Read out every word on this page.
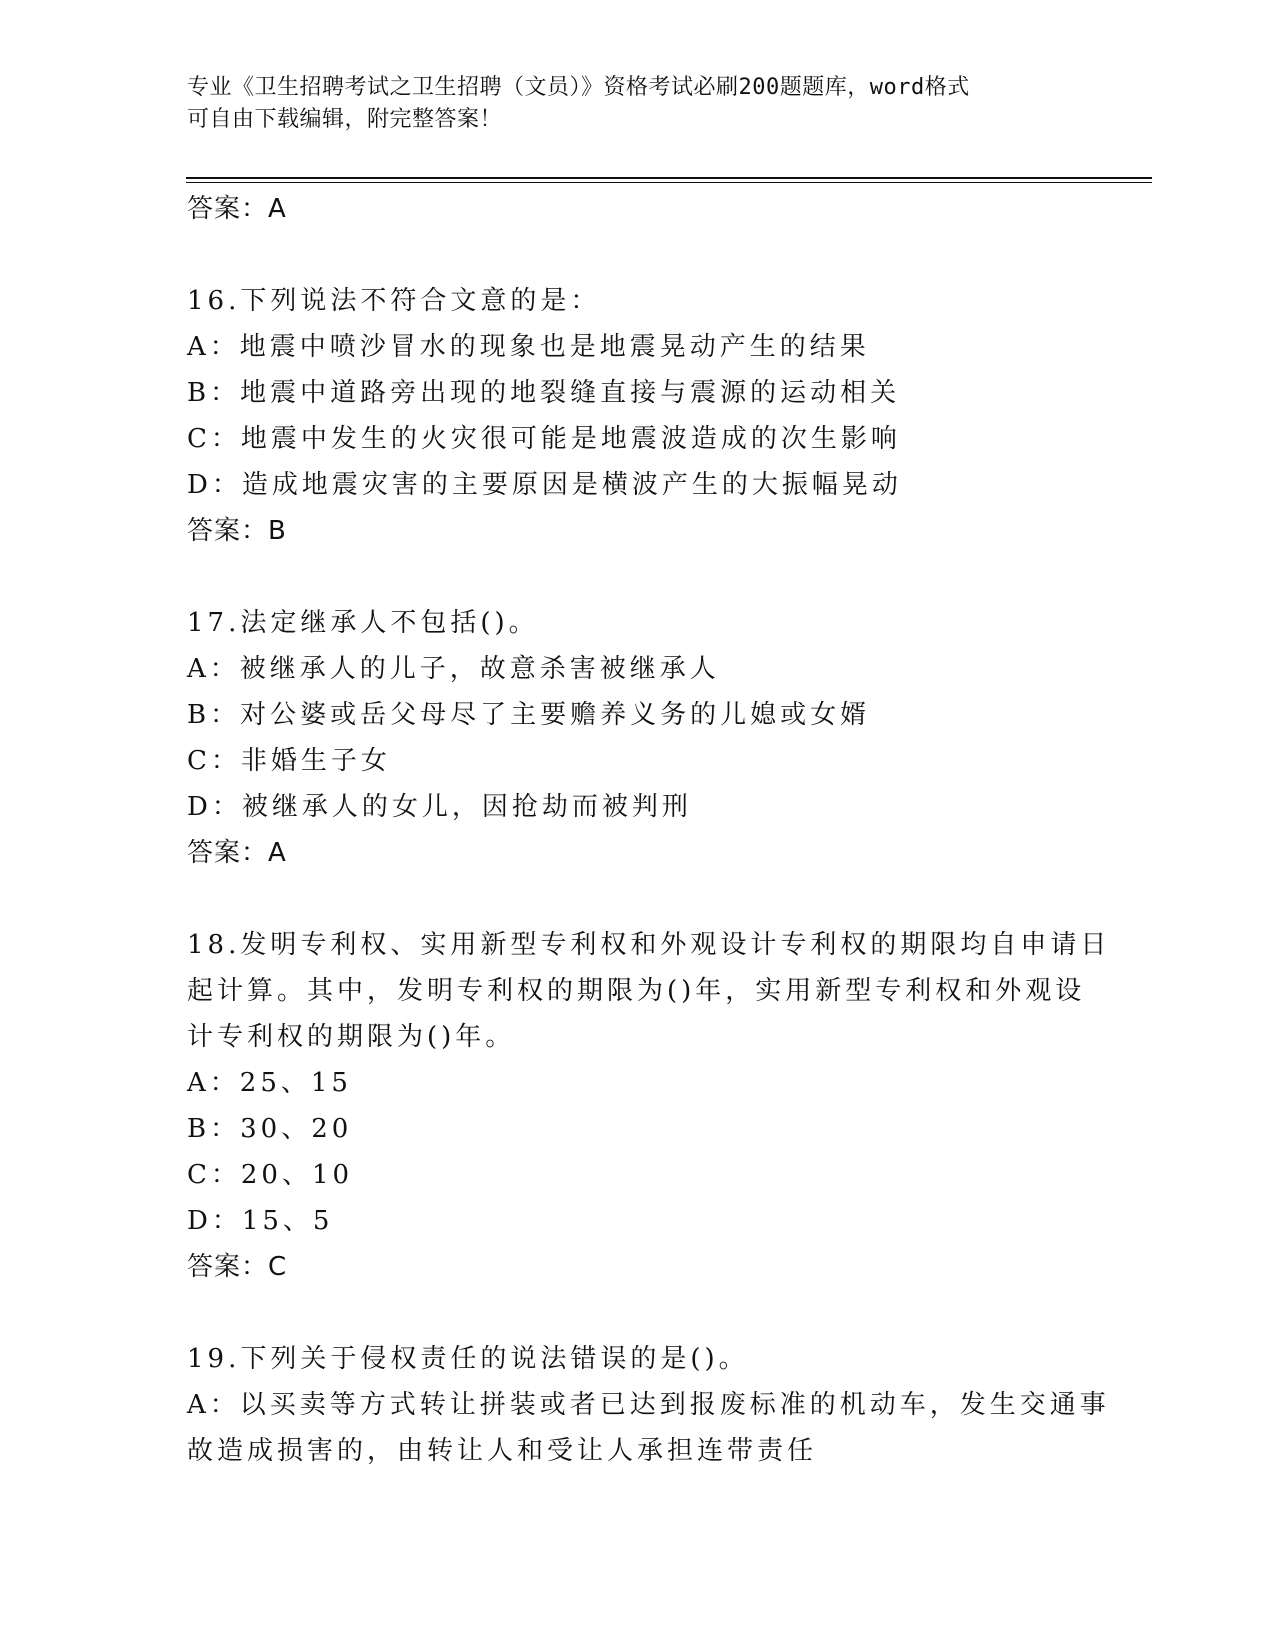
专业《卫生招聘考试之卫生招聘（文员）》资格考试必刷200题题库，word格式
可自由下载编辑，附完整答案！
答案：A
16.下列说法不符合文意的是：
A：地震中喷沙冒水的现象也是地震晃动产生的结果
B：地震中道路旁出现的地裂缝直接与震源的运动相关
C：地震中发生的火灾很可能是地震波造成的次生影响
D：造成地震灾害的主要原因是横波产生的大振幅晃动
答案：B
17.法定继承人不包括()。
A：被继承人的儿子，故意杀害被继承人
B：对公婆或岳父母尽了主要赡养义务的儿媳或女婿
C：非婚生子女
D：被继承人的女儿，因抢劫而被判刑
答案：A
18.发明专利权、实用新型专利权和外观设计专利权的期限均自申请日
起计算。其中，发明专利权的期限为()年，实用新型专利权和外观设
计专利权的期限为()年。
A：25、15
B：30、20
C：20、10
D：15、5
答案：C
19.下列关于侵权责任的说法错误的是()。
A：以买卖等方式转让拼装或者已达到报废标准的机动车，发生交通事
故造成损害的，由转让人和受让人承担连带责任
